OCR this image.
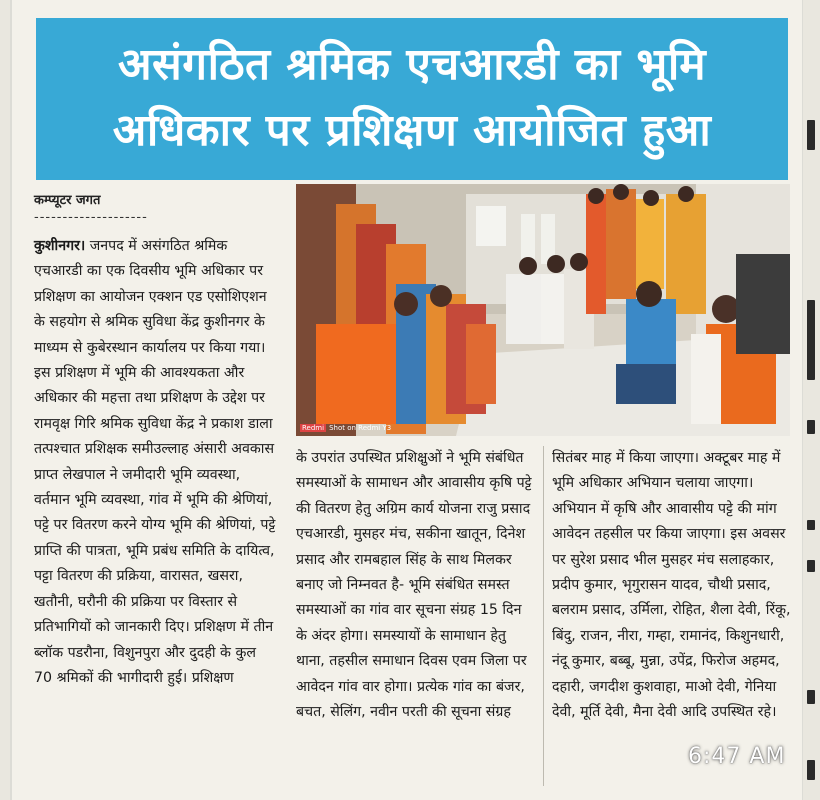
असंगठित श्रमिक एचआरडी का भूमि
अधिकार पर प्रशिक्षण आयोजित हुआ
कम्प्यूटर जगत
--------------------

कुशीनगर। जनपद में असंगठित श्रमिक एचआरडी का एक दिवसीय भूमि अधिकार पर प्रशिक्षण का आयोजन एक्शन एड एसोशिएशन के सहयोग से श्रमिक सुविधा केंद्र कुशीनगर के माध्यम से कुबेरस्थान कार्यालय पर किया गया। इस प्रशिक्षण में भूमि की आवश्यकता और अधिकार की महत्ता तथा प्रशिक्षण के उद्देश पर रामवृक्ष गिरि श्रमिक सुविधा केंद्र ने प्रकाश डाला तत्पश्चात प्रशिक्षक समीउल्लाह अंसारी अवकास प्राप्त लेखपाल ने जमीदारी भूमि व्यवस्था, वर्तमान भूमि व्यवस्था, गांव में भूमि की श्रेणियां, पट्टे पर वितरण करने योग्य भूमि की श्रेणियां, पट्टे प्राप्ति की पात्रता, भूमि प्रबंध समिति के दायित्व, पट्टा वितरण की प्रक्रिया, वारासत, खसरा, खतौनी, घरौनी की प्रक्रिया पर विस्तार से प्रतिभागियों को जानकारी दिए। प्रशिक्षण में तीन ब्लॉक पडरौना, विशुनपुरा और दुदही के कुल 70 श्रमिकों की भागीदारी हुई। प्रशिक्षण

Redmi Shot on Redmi Y3

के उपरांत उपस्थित प्रशिक्षुओं ने भूमि संबंधित समस्याओं के सामाधन और आवासीय कृषि पट्टे की वितरण हेतु अग्रिम कार्य योजना राजु प्रसाद एचआरडी, मुसहर मंच, सकीना खातून, दिनेश प्रसाद और रामबहाल सिंह के साथ मिलकर बनाए जो निम्नवत है- भूमि संबंधित समस्त समस्याओं का गांव वार सूचना संग्रह 15 दिन के अंदर होगा। समस्यायों के सामाधान हेतु थाना, तहसील समाधान दिवस एवम जिला पर आवेदन गांव वार होगा। प्रत्येक गांव का बंजर, बचत, सेलिंग, नवीन परती की सूचना संग्रह

सितंबर माह में किया जाएगा। अक्टूबर माह में भूमि अधिकार अभियान चलाया जाएगा। अभियान में कृषि और आवासीय पट्टे की मांग आवेदन तहसील पर किया जाएगा। इस अवसर पर सुरेश प्रसाद भील मुसहर मंच सलाहकार, प्रदीप कुमार, भृगुरासन यादव, चौथी प्रसाद, बलराम प्रसाद, उर्मिला, रोहित, शैला देवी, रिंकू, बिंदु, राजन, नीरा, गम्हा, रामानंद, किशुनधारी, नंदू कुमार, बब्बू, मुन्ना, उपेंद्र, फिरोज अहमद, दहारी, जगदीश कुशवाहा, माओ देवी, गेनिया देवी, मूर्ति देवी, मैना देवी आदि उपस्थित रहे।

6:47 AM
